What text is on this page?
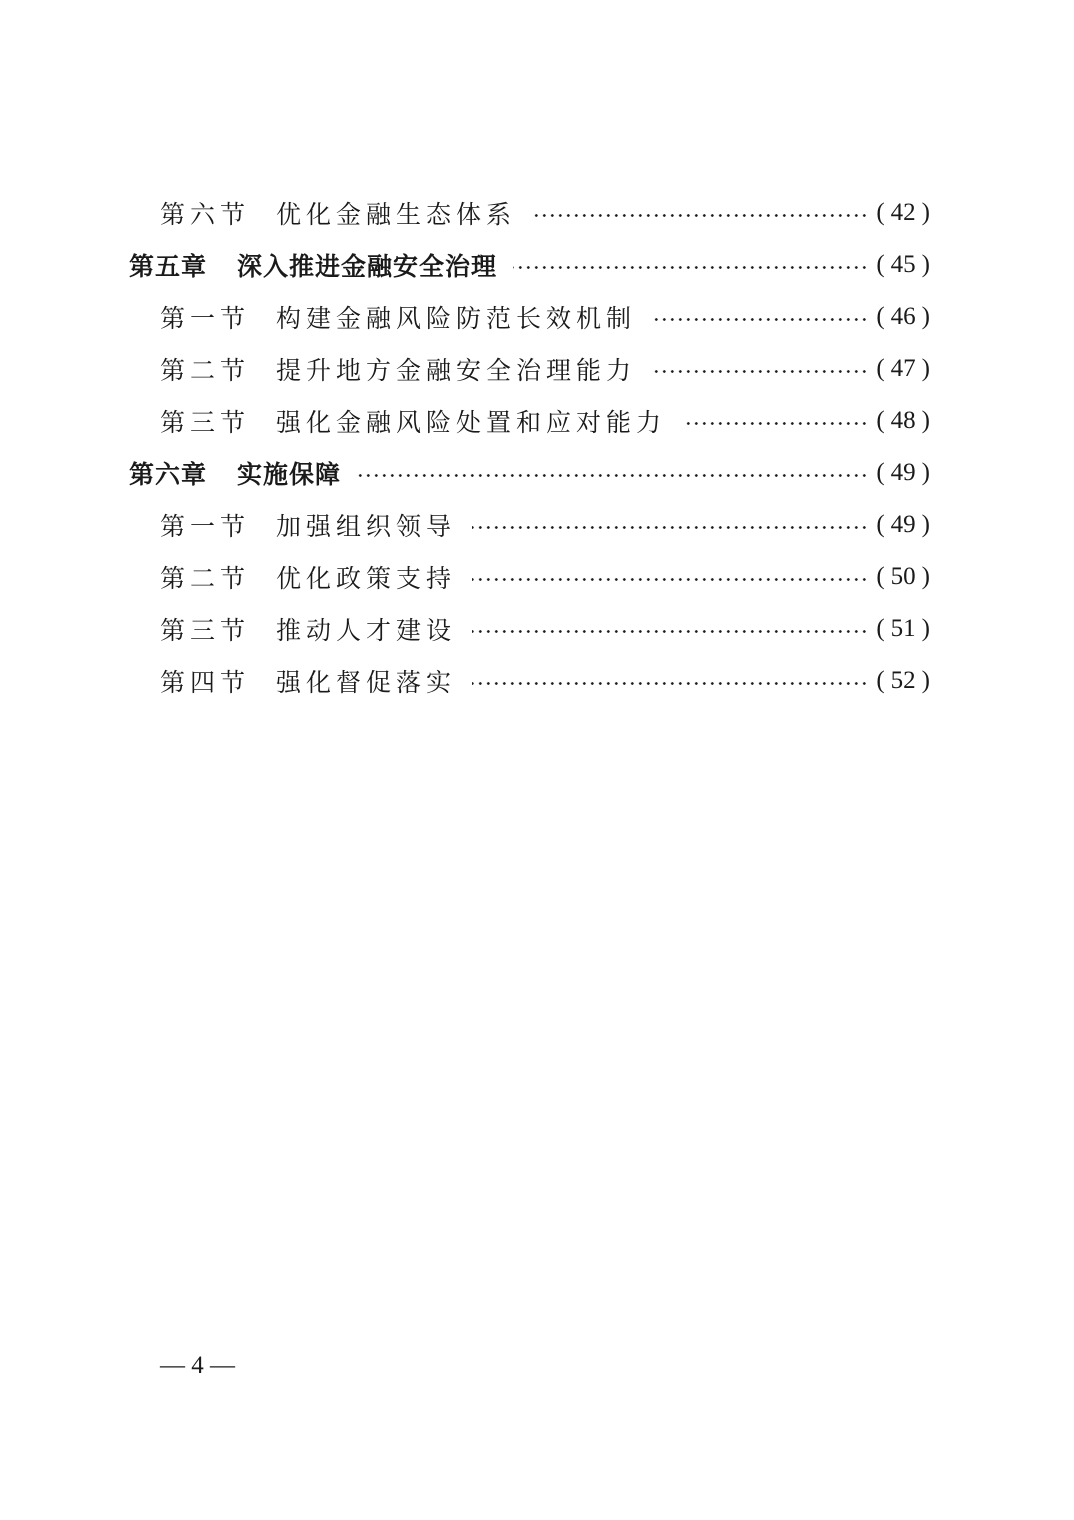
第六节 优化金融生态体系	( 42 )
第五章 深入推进金融安全治理	( 45 )
第一节 构建金融风险防范长效机制	( 46 )
第二节 提升地方金融安全治理能力	( 47 )
第三节 强化金融风险处置和应对能力	( 48 )
第六章 实施保障	( 49 )
第一节 加强组织领导	( 49 )
第二节 优化政策支持	( 50 )
第三节 推动人才建设	( 51 )
第四节 强化督促落实	( 52 )
— 4 —
